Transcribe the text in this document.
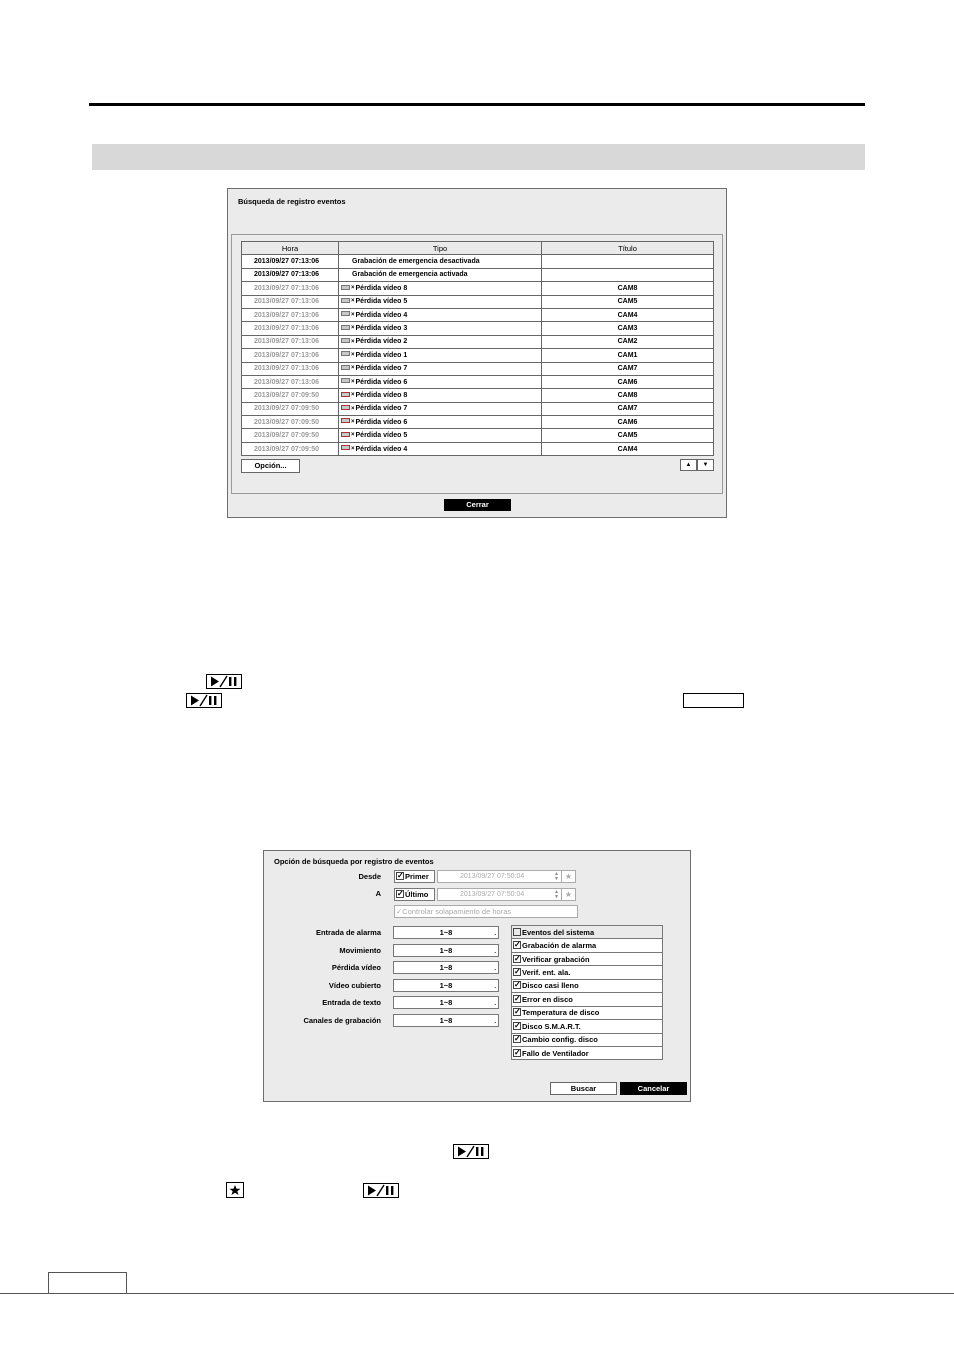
Búsqueda de registro eventos
Hora	Tipo	Título
2013/09/27 07:13:06	Grabación de emergencia desactivada	
2013/09/27 07:13:06	Grabación de emergencia activada	
2013/09/27 07:13:06	×Pérdida vídeo 8	CAM8
2013/09/27 07:13:06	×Pérdida vídeo 5	CAM5
2013/09/27 07:13:06	×Pérdida vídeo 4	CAM4
2013/09/27 07:13:06	×Pérdida vídeo 3	CAM3
2013/09/27 07:13:06	×Pérdida vídeo 2	CAM2
2013/09/27 07:13:06	×Pérdida vídeo 1	CAM1
2013/09/27 07:13:06	×Pérdida vídeo 7	CAM7
2013/09/27 07:13:06	×Pérdida vídeo 6	CAM6
2013/09/27 07:09:50	×Pérdida vídeo 8	CAM8
2013/09/27 07:09:50	×Pérdida vídeo 7	CAM7
2013/09/27 07:09:50	×Pérdida vídeo 6	CAM6
2013/09/27 07:09:50	×Pérdida vídeo 5	CAM5
2013/09/27 07:09:50	×Pérdida vídeo 4	CAM4
Opción...	▲	▼
Cerrar
Opción de búsqueda por registro de eventos
Desde	✓Primer	2013/09/27 07:50:04	▲
▼ ★
A	✓Último	2013/09/27 07:50:04	▲
▼ ★
✓Controlar solapamiento de horas
Entrada de alarma	1~8	.
Movimiento	1~8	.
Pérdida vídeo	1~8	.
Vídeo cubierto	1~8	.
Entrada de texto	1~8	.
Canales de grabación	1~8	.
Eventos del sistema
✓Grabación de alarma
✓Verificar grabación
✓Verif. ent. ala.
✓Disco casi lleno
✓Error en disco
✓Temperatura de disco
✓Disco S.M.A.R.T.
✓Cambio config. disco
✓Fallo de Ventilador
Buscar	Cancelar
